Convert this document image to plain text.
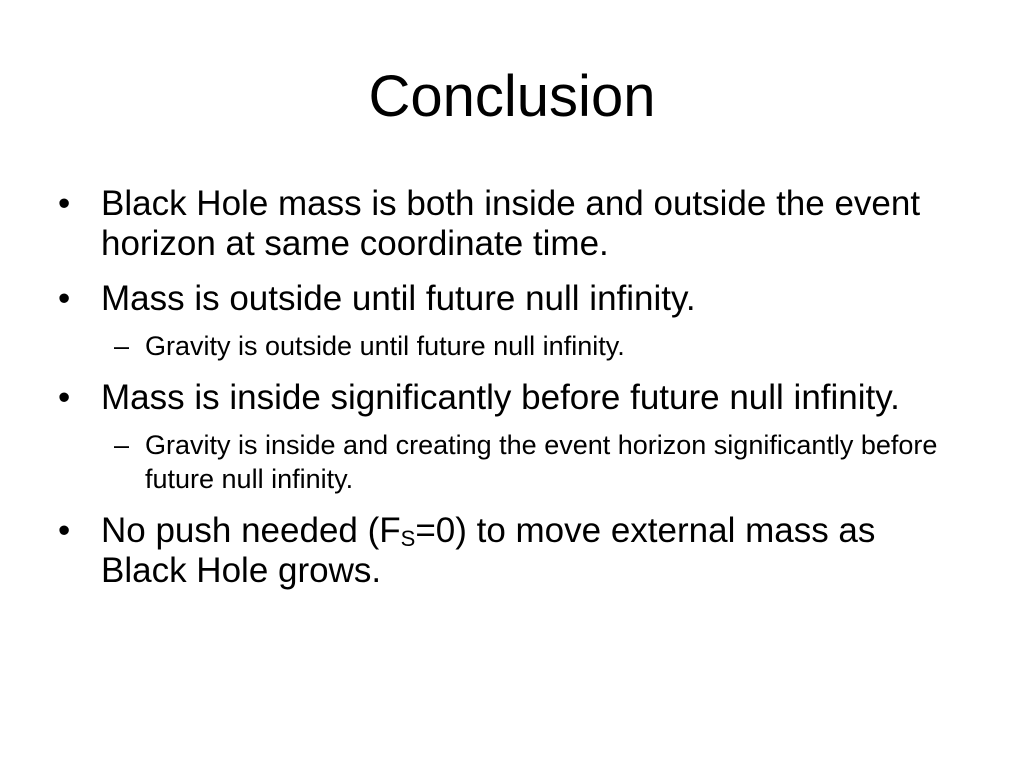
Conclusion
• Black Hole mass is both inside and outside the event horizon at same coordinate time.
• Mass is outside until future null infinity.
– Gravity is outside until future null infinity.
• Mass is inside significantly before future null infinity.
– Gravity is inside and creating the event horizon significantly before future null infinity.
• No push needed $(F_S=0)$ to move external mass as Black Hole grows.
